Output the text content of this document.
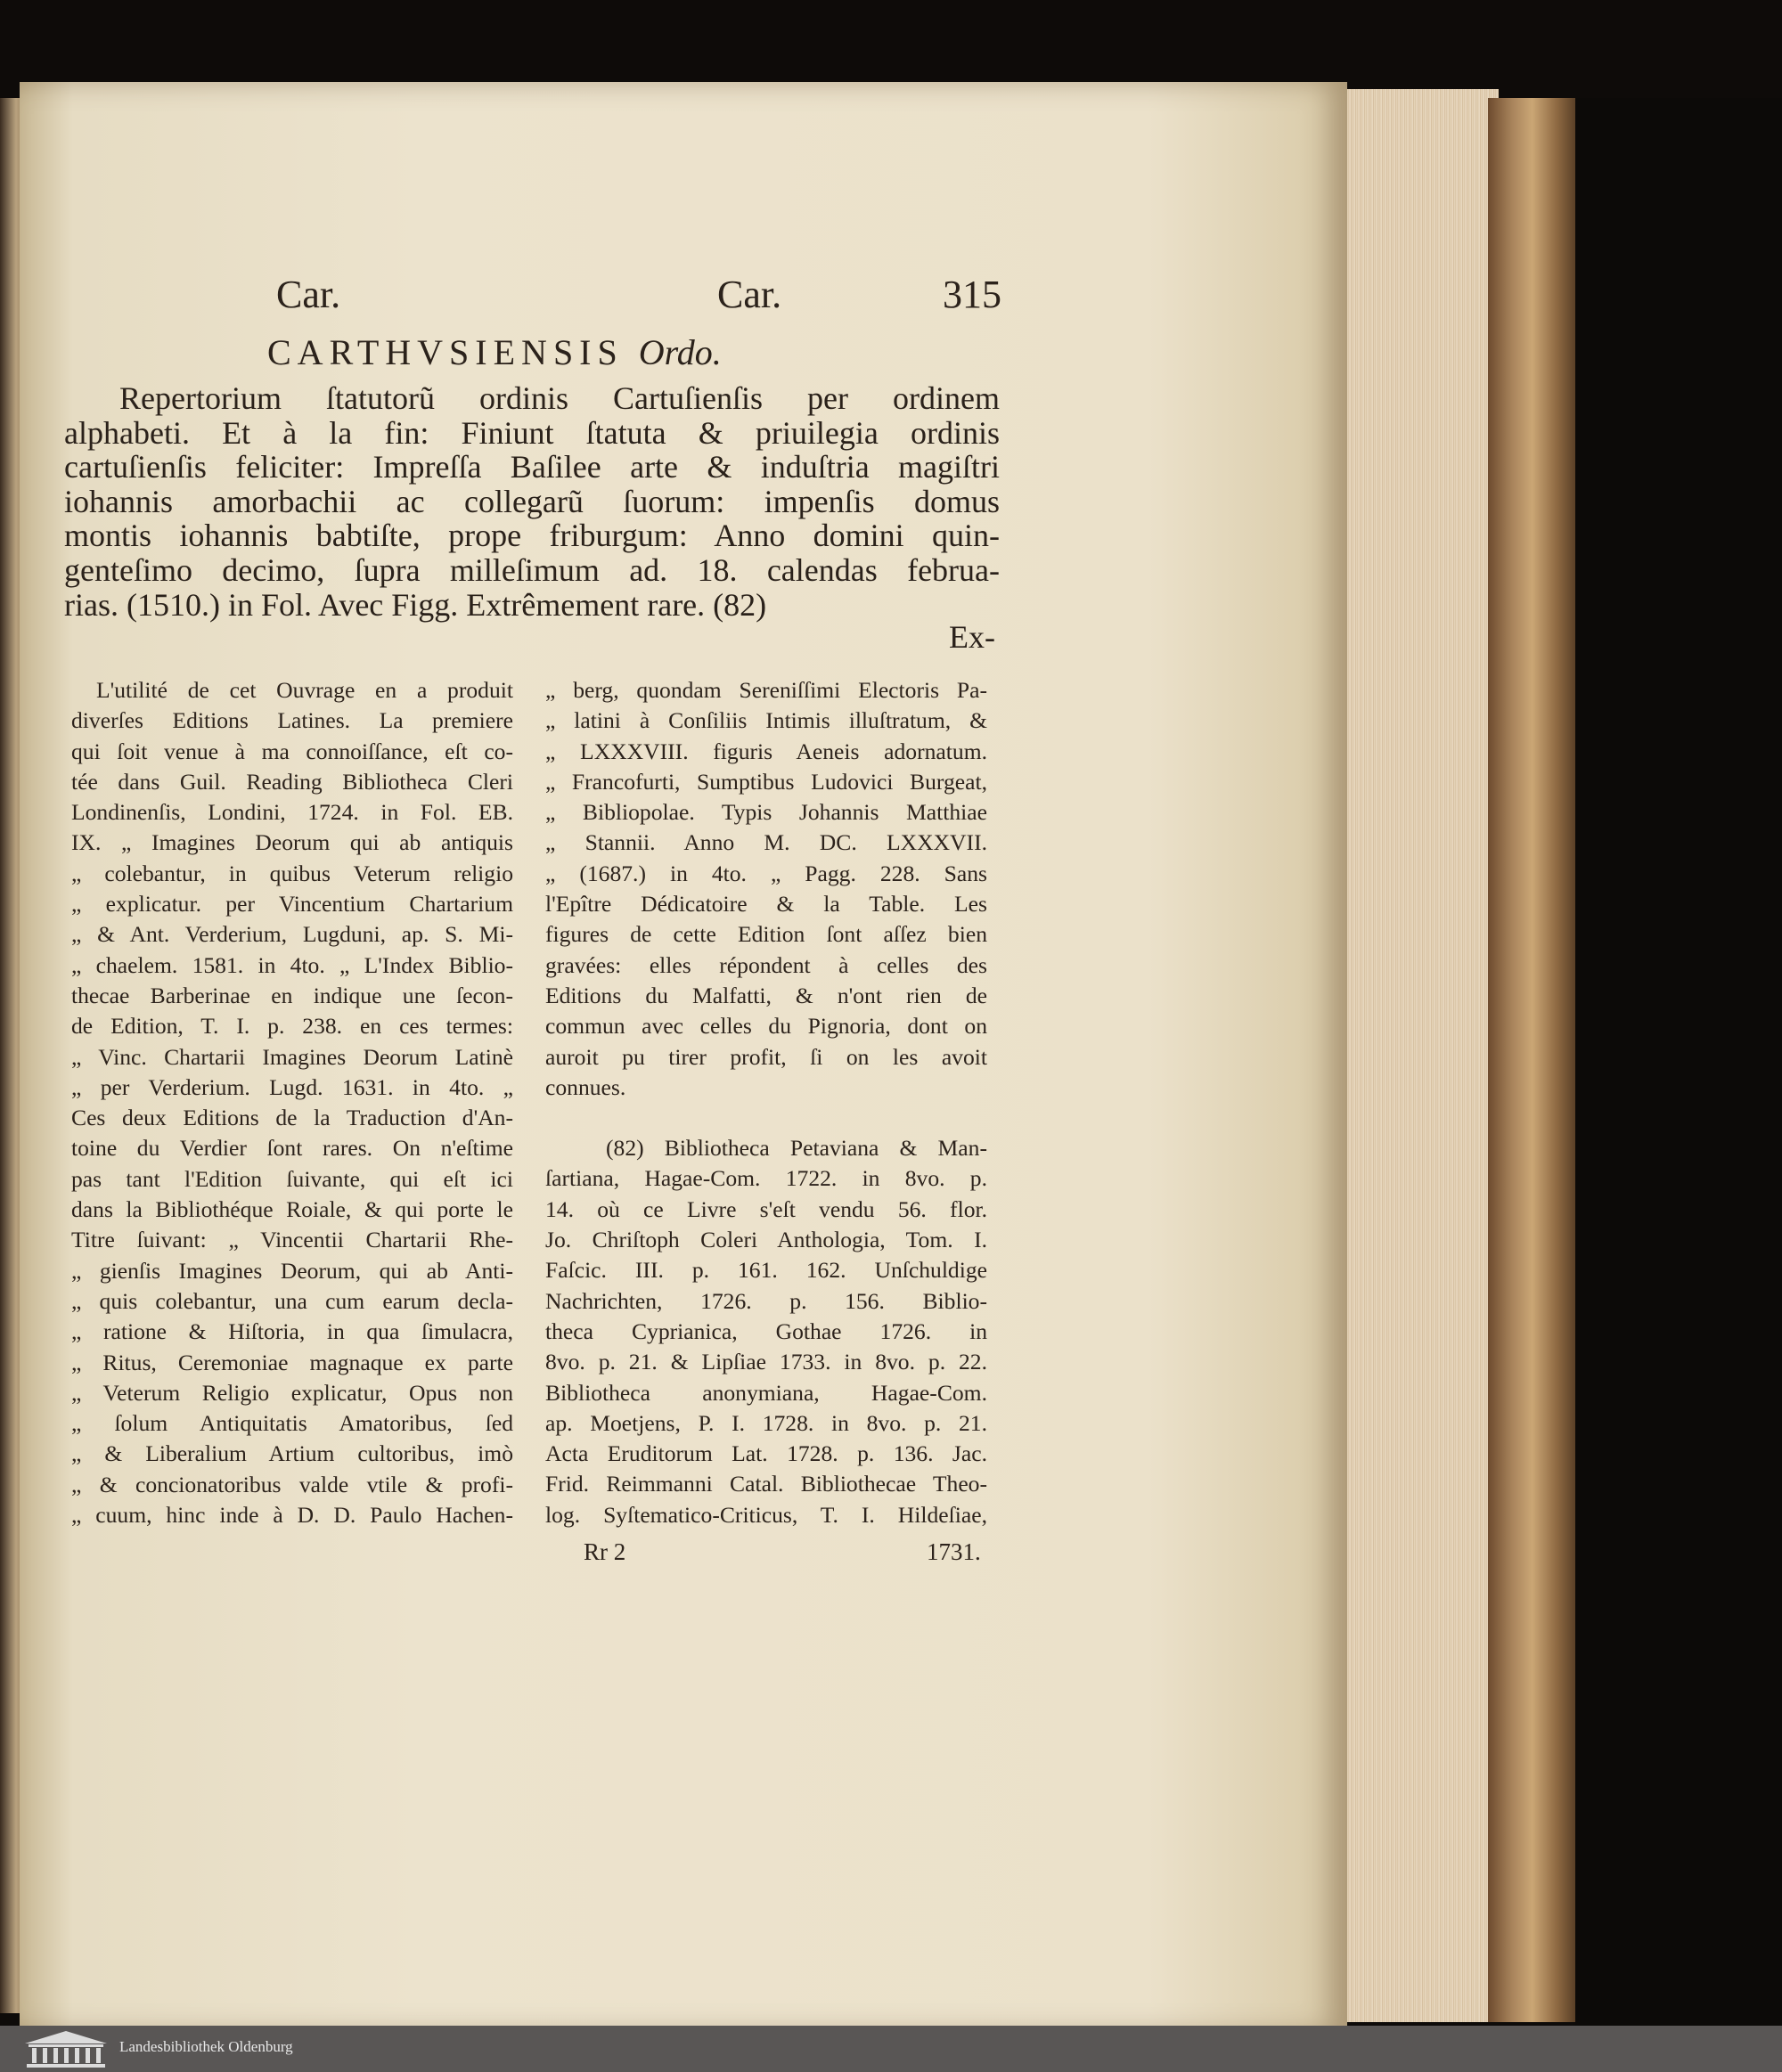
Car.	Car.	315
CARTHVSIENSIS Ordo.
Repertorium ſtatutorũ ordinis Cartuſienſis per ordinem
alphabeti. Et à la fin: Finiunt ſtatuta & priuilegia ordinis
cartuſienſis feliciter: Impreſſa Baſilee arte & induſtria magiſtri
iohannis amorbachii ac collegarũ ſuorum: impenſis domus
montis iohannis babtiſte, prope friburgum: Anno domini quin-
genteſimo decimo, ſupra milleſimum ad. 18. calendas februa-
rias. (1510.) in Fol. Avec Figg. Extrêmement rare. (82)
Ex-
L'utilité de cet Ouvrage en a produit
diverſes Editions Latines. La premiere
qui ſoit venue à ma connoiſſance, eſt co-
tée dans Guil. Reading Bibliotheca Cleri
Londinenſis, Londini, 1724. in Fol. EB.
IX. „ Imagines Deorum qui ab antiquis
„ colebantur, in quibus Veterum religio
„ explicatur. per Vincentium Chartarium
„ & Ant. Verderium, Lugduni, ap. S. Mi-
„ chaelem. 1581. in 4to. „ L'Index Biblio-
thecae Barberinae en indique une ſecon-
de Edition, T. I. p. 238. en ces termes:
„ Vinc. Chartarii Imagines Deorum Latinè
„ per Verderium. Lugd. 1631. in 4to. „
Ces deux Editions de la Traduction d'An-
toine du Verdier ſont rares. On n'eſtime
pas tant l'Edition ſuivante, qui eſt ici
dans la Bibliothéque Roiale, & qui porte le
Titre ſuivant: „ Vincentii Chartarii Rhe-
„ gienſis Imagines Deorum, qui ab Anti-
„ quis colebantur, una cum earum decla-
„ ratione & Hiſtoria, in qua ſimulacra,
„ Ritus, Ceremoniae magnaque ex parte
„ Veterum Religio explicatur, Opus non
„ ſolum Antiquitatis Amatoribus, ſed
„ & Liberalium Artium cultoribus, imò
„ & concionatoribus valde vtile & profi-
„ cuum, hinc inde à D. D. Paulo Hachen-
„ berg, quondam Sereniſſimi Electoris Pa-
„ latini à Conſiliis Intimis illuſtratum, &
„ LXXXVIII. figuris Aeneis adornatum.
„ Francofurti, Sumptibus Ludovici Burgeat,
„ Bibliopolae. Typis Johannis Matthiae
„ Stannii. Anno M. DC. LXXXVII.
„ (1687.) in 4to. „ Pagg. 228. Sans
l'Epître Dédicatoire & la Table. Les
figures de cette Edition ſont aſſez bien
gravées: elles répondent à celles des
Editions du Malfatti, & n'ont rien de
commun avec celles du Pignoria, dont on
auroit pu tirer profit, ſi on les avoit
connues.
(82) Bibliotheca Petaviana & Man-
ſartiana, Hagae-Com. 1722. in 8vo. p.
14. où ce Livre s'eſt vendu 56. flor.
Jo. Chriſtoph Coleri Anthologia, Tom. I.
Faſcic. III. p. 161. 162. Unſchuldige
Nachrichten, 1726. p. 156. Biblio-
theca Cyprianica, Gothae 1726. in
8vo. p. 21. & Lipſiae 1733. in 8vo. p. 22.
Bibliotheca anonymiana, Hagae-Com.
ap. Moetjens, P. I. 1728. in 8vo. p. 21.
Acta Eruditorum Lat. 1728. p. 136. Jac.
Frid. Reimmanni Catal. Bibliothecae Theo-
log. Syſtematico-Criticus, T. I. Hildeſiae,
Rr 2	1731.
Landesbibliothek Oldenburg
